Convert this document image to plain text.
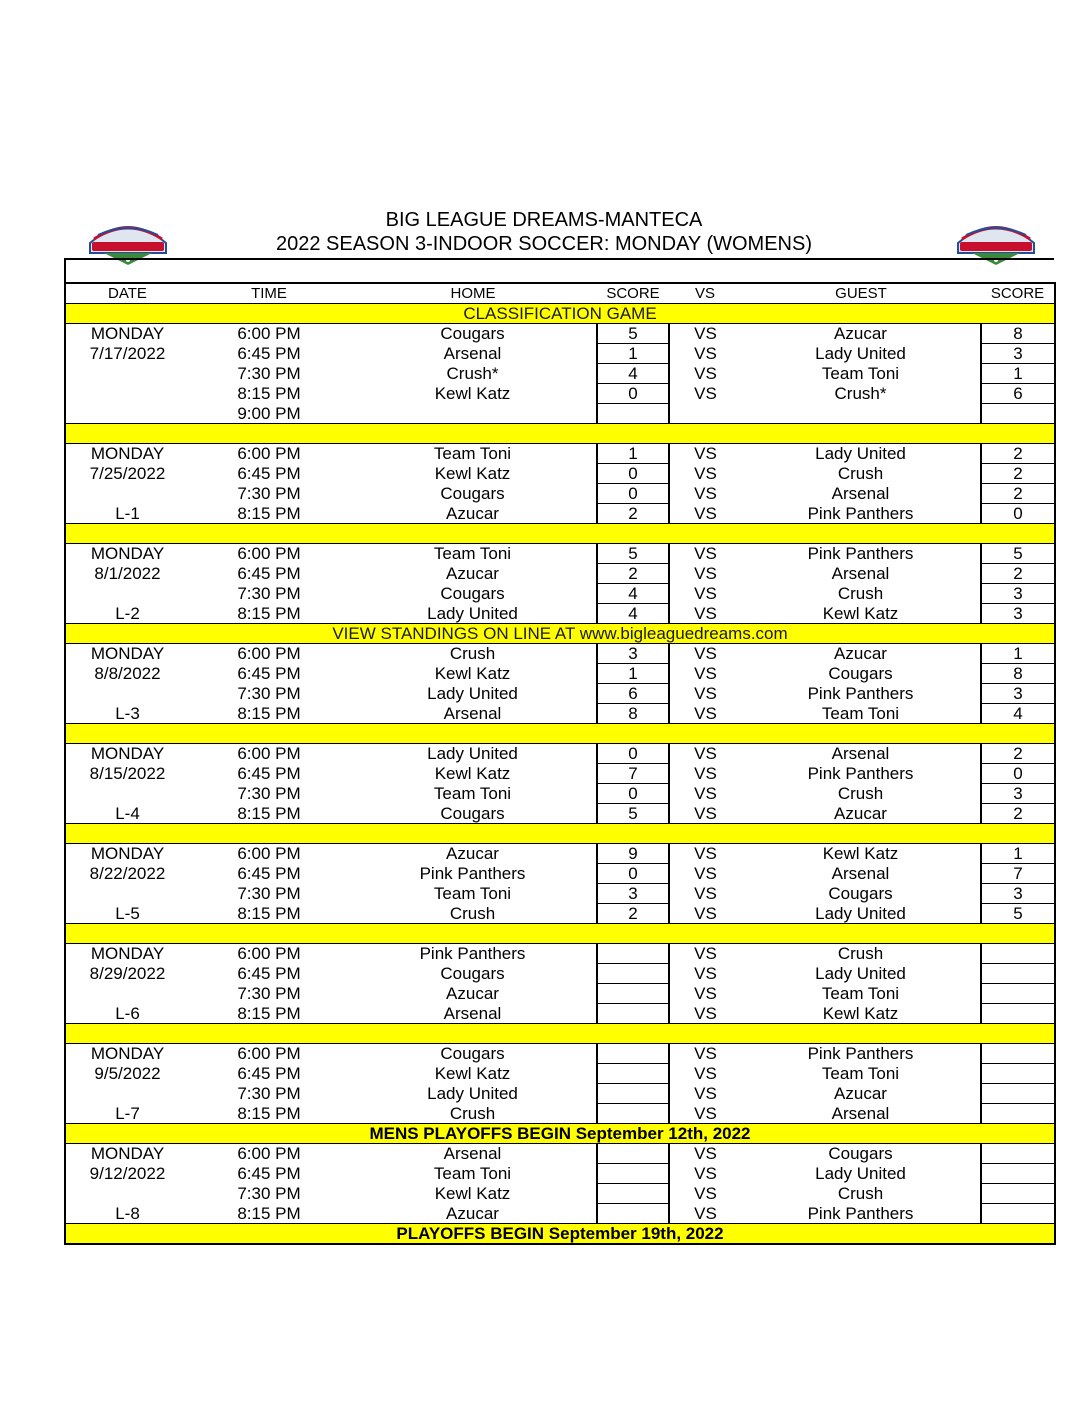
BIG LEAGUE DREAMS-MANTECA
2022 SEASON 3-INDOOR SOCCER: MONDAY (WOMENS)
DATE	TIME	HOME	SCORE	VS	GUEST	SCORE
CLASSIFICATION GAME						
MONDAY	6:00 PM	Cougars	5	VS	Azucar	8
7/17/2022	6:45 PM	Arsenal	1	VS	Lady United	3
	7:30 PM	Crush*	4	VS	Team Toni	1
	8:15 PM	Kewl Katz	0	VS	Crush*	6
	9:00 PM					

MONDAY	6:00 PM	Team Toni	1	VS	Lady United	2
7/25/2022	6:45 PM	Kewl Katz	0	VS	Crush	2
	7:30 PM	Cougars	0	VS	Arsenal	2
L-1	8:15 PM	Azucar	2	VS	Pink Panthers	0

MONDAY	6:00 PM	Team Toni	5	VS	Pink Panthers	5
8/1/2022	6:45 PM	Azucar	2	VS	Arsenal	2
	7:30 PM	Cougars	4	VS	Crush	3
L-2	8:15 PM	Lady United	4	VS	Kewl Katz	3
VIEW STANDINGS ON LINE AT www.bigleaguedreams.com						
MONDAY	6:00 PM	Crush	3	VS	Azucar	1
8/8/2022	6:45 PM	Kewl Katz	1	VS	Cougars	8
	7:30 PM	Lady United	6	VS	Pink Panthers	3
L-3	8:15 PM	Arsenal	8	VS	Team Toni	4

MONDAY	6:00 PM	Lady United	0	VS	Arsenal	2
8/15/2022	6:45 PM	Kewl Katz	7	VS	Pink Panthers	0
	7:30 PM	Team Toni	0	VS	Crush	3
L-4	8:15 PM	Cougars	5	VS	Azucar	2

MONDAY	6:00 PM	Azucar	9	VS	Kewl Katz	1
8/22/2022	6:45 PM	Pink Panthers	0	VS	Arsenal	7
	7:30 PM	Team Toni	3	VS	Cougars	3
L-5	8:15 PM	Crush	2	VS	Lady United	5

MONDAY	6:00 PM	Pink Panthers		VS	Crush	
8/29/2022	6:45 PM	Cougars		VS	Lady United	
	7:30 PM	Azucar		VS	Team Toni	
L-6	8:15 PM	Arsenal		VS	Kewl Katz	

MONDAY	6:00 PM	Cougars		VS	Pink Panthers	
9/5/2022	6:45 PM	Kewl Katz		VS	Team Toni	
	7:30 PM	Lady United		VS	Azucar	
L-7	8:15 PM	Crush		VS	Arsenal	
MENS PLAYOFFS BEGIN September 12th, 2022						
MONDAY	6:00 PM	Arsenal		VS	Cougars	
9/12/2022	6:45 PM	Team Toni		VS	Lady United	
	7:30 PM	Kewl Katz		VS	Crush	
L-8	8:15 PM	Azucar		VS	Pink Panthers	
PLAYOFFS BEGIN September 19th, 2022						
